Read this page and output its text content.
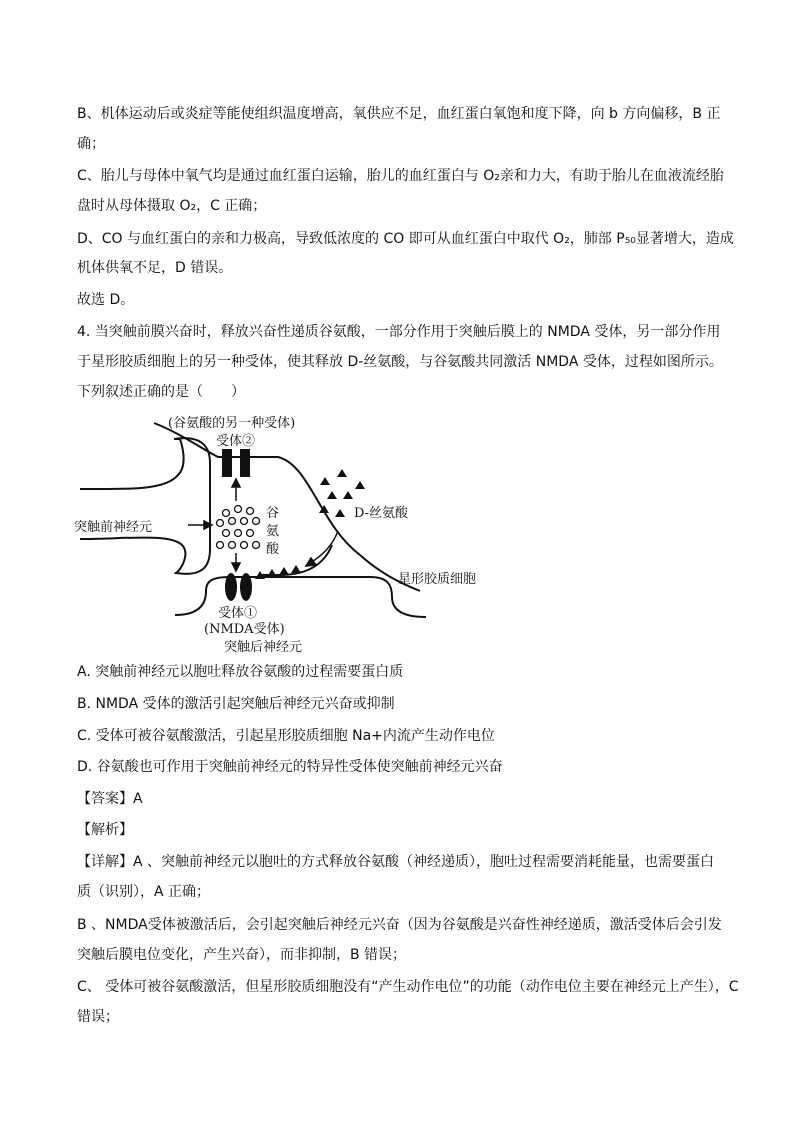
B、机体运动后或炎症等能使组织温度增高，氧供应不足，血红蛋白氧饱和度下降，向 b 方向偏移，B 正
确；
C、胎儿与母体中氧气均是通过血红蛋白运输，胎儿的血红蛋白与 O₂亲和力大，有助于胎儿在血液流经胎
盘时从母体摄取 O₂，C 正确；
D、CO 与血红蛋白的亲和力极高，导致低浓度的 CO 即可从血红蛋白中取代 O₂，肺部 P₅₀显著增大，造成
机体供氧不足，D 错误。
故选 D。
4. 当突触前膜兴奋时，释放兴奋性递质谷氨酸，一部分作用于突触后膜上的 NMDA 受体，另一部分作用
于星形胶质细胞上的另一种受体，使其释放 D-丝氨酸，与谷氨酸共同激活 NMDA 受体，过程如图所示。
下列叙述正确的是（　　）
(谷氨酸的另一种受体)
受体②
突触前神经元
谷
氨
酸
D-丝氨酸
星形胶质细胞
受体①
(NMDA受体)
突触后神经元
A. 突触前神经元以胞吐释放谷氨酸的过程需要蛋白质
B. NMDA 受体的激活引起突触后神经元兴奋或抑制
C. 受体可被谷氨酸激活，引起星形胶质细胞 Na+内流产生动作电位
D. 谷氨酸也可作用于突触前神经元的特异性受体使突触前神经元兴奋
【答案】A
【解析】
【详解】A 、突触前神经元以胞吐的方式释放谷氨酸（神经递质），胞吐过程需要消耗能量，也需要蛋白
质（识别），A 正确；
B 、NMDA受体被激活后，会引起突触后神经元兴奋（因为谷氨酸是兴奋性神经递质，激活受体后会引发
突触后膜电位变化，产生兴奋），而非抑制，B 错误；
C、 受体可被谷氨酸激活，但星形胶质细胞没有“产生动作电位”的功能（动作电位主要在神经元上产生），C
错误；
